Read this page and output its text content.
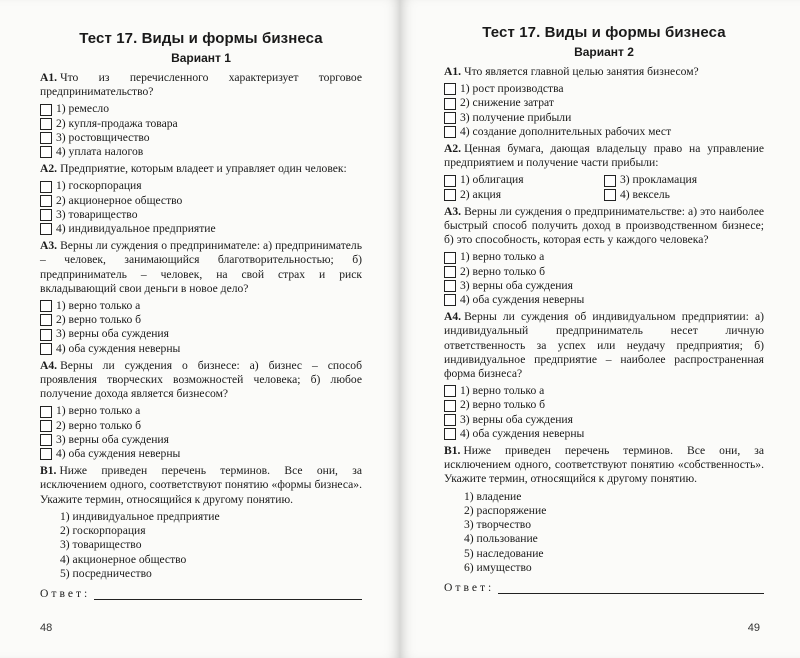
Тест 17. Виды и формы бизнеса
Вариант 1
А1. Что из перечисленного характеризует торговое предпринимательство?
1) ремесло
2) купля-продажа товара
3) ростовщичество
4) уплата налогов
А2. Предприятие, которым владеет и управляет один человек:
1) госкорпорация
2) акционерное общество
3) товарищество
4) индивидуальное предприятие
А3. Верны ли суждения о предпринимателе: а) предприниматель – человек, занимающийся благотворительностью; б) предприниматель – человек, на свой страх и риск вкладывающий свои деньги в новое дело?
1) верно только а
2) верно только б
3) верны оба суждения
4) оба суждения неверны
А4. Верны ли суждения о бизнесе: а) бизнес – способ проявления творческих возможностей человека; б) любое получение дохода является бизнесом?
1) верно только а
2) верно только б
3) верны оба суждения
4) оба суждения неверны
В1. Ниже приведен перечень терминов. Все они, за исключением одного, соответствуют понятию «формы бизнеса». Укажите термин, относящийся к другому понятию.
1) индивидуальное предприятие
2) госкорпорация
3) товарищество
4) акционерное общество
5) посредничество
Ответ:
48
Тест 17. Виды и формы бизнеса
Вариант 2
А1. Что является главной целью занятия бизнесом?
1) рост производства
2) снижение затрат
3) получение прибыли
4) создание дополнительных рабочих мест
А2. Ценная бумага, дающая владельцу право на управление предприятием и получение части прибыли:
1) облигация	3) прокламация
2) акция	4) вексель
А3. Верны ли суждения о предпринимательстве: а) это наиболее быстрый способ получить доход в производственном бизнесе; б) это способность, которая есть у каждого человека?
1) верно только а
2) верно только б
3) верны оба суждения
4) оба суждения неверны
А4. Верны ли суждения об индивидуальном предприятии: а) индивидуальный предприниматель несет личную ответственность за успех или неудачу предприятия; б) индивидуальное предприятие – наиболее распространенная форма бизнеса?
1) верно только а
2) верно только б
3) верны оба суждения
4) оба суждения неверны
В1. Ниже приведен перечень терминов. Все они, за исключением одного, соответствуют понятию «собственность». Укажите термин, относящийся к другому понятию.
1) владение
2) распоряжение
3) творчество
4) пользование
5) наследование
6) имущество
Ответ:
49
